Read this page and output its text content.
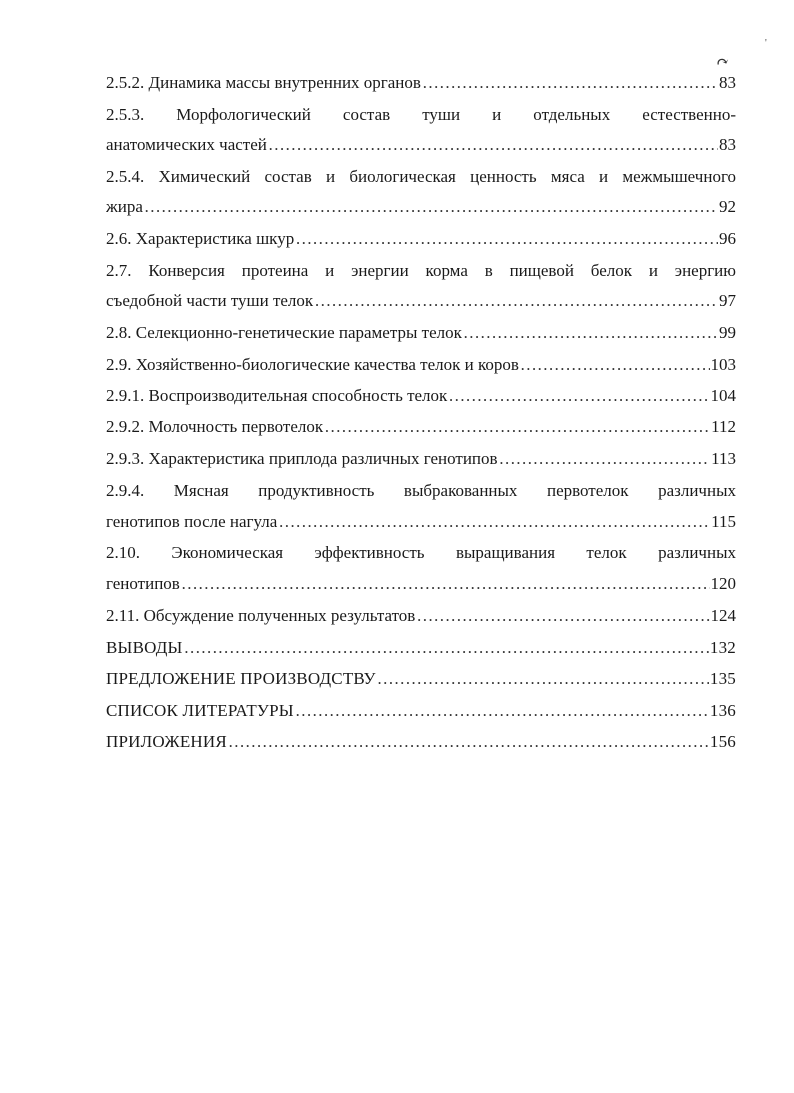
↷
'
2.5.2. Динамика массы внутренних органов ……………………………………………………………………………………………………………………………………………………………………………………………………	83
2.5.3. Морфологический состав туши и отдельных естественно-
анатомических частей ……………………………………………………………………………………………………………………………………………………………………………………………………	83
2.5.4. Химический состав и биологическая ценность мяса и межмышечного
жира ……………………………………………………………………………………………………………………………………………………………………………………………………	92
2.6. Характеристика шкур ……………………………………………………………………………………………………………………………………………………………………………………………………	96
2.7. Конверсия протеина и энергии корма в пищевой белок и энергию
съедобной части туши телок ……………………………………………………………………………………………………………………………………………………………………………………………………	97
2.8. Селекционно-генетические параметры телок ……………………………………………………………………………………………………………………………………………………………………………………………………	99
2.9. Хозяйственно-биологические качества телок и коров ……………………………………………………………………………………………………………………………………………………………………………………………………	103
2.9.1. Воспроизводительная способность телок ……………………………………………………………………………………………………………………………………………………………………………………………………	104
2.9.2. Молочность первотелок ……………………………………………………………………………………………………………………………………………………………………………………………………	112
2.9.3. Характеристика приплода различных генотипов ……………………………………………………………………………………………………………………………………………………………………………………………………	113
2.9.4. Мясная продуктивность выбракованных первотелок различных
генотипов после нагула ……………………………………………………………………………………………………………………………………………………………………………………………………	115
2.10. Экономическая эффективность выращивания телок различных
генотипов ……………………………………………………………………………………………………………………………………………………………………………………………………	120
2.11. Обсуждение полученных результатов ……………………………………………………………………………………………………………………………………………………………………………………………………	124
ВЫВОДЫ ……………………………………………………………………………………………………………………………………………………………………………………………………	132
ПРЕДЛОЖЕНИЕ ПРОИЗВОДСТВУ ……………………………………………………………………………………………………………………………………………………………………………………………………	135
СПИСОК ЛИТЕРАТУРЫ ……………………………………………………………………………………………………………………………………………………………………………………………………	136
ПРИЛОЖЕНИЯ ……………………………………………………………………………………………………………………………………………………………………………………………………	156
